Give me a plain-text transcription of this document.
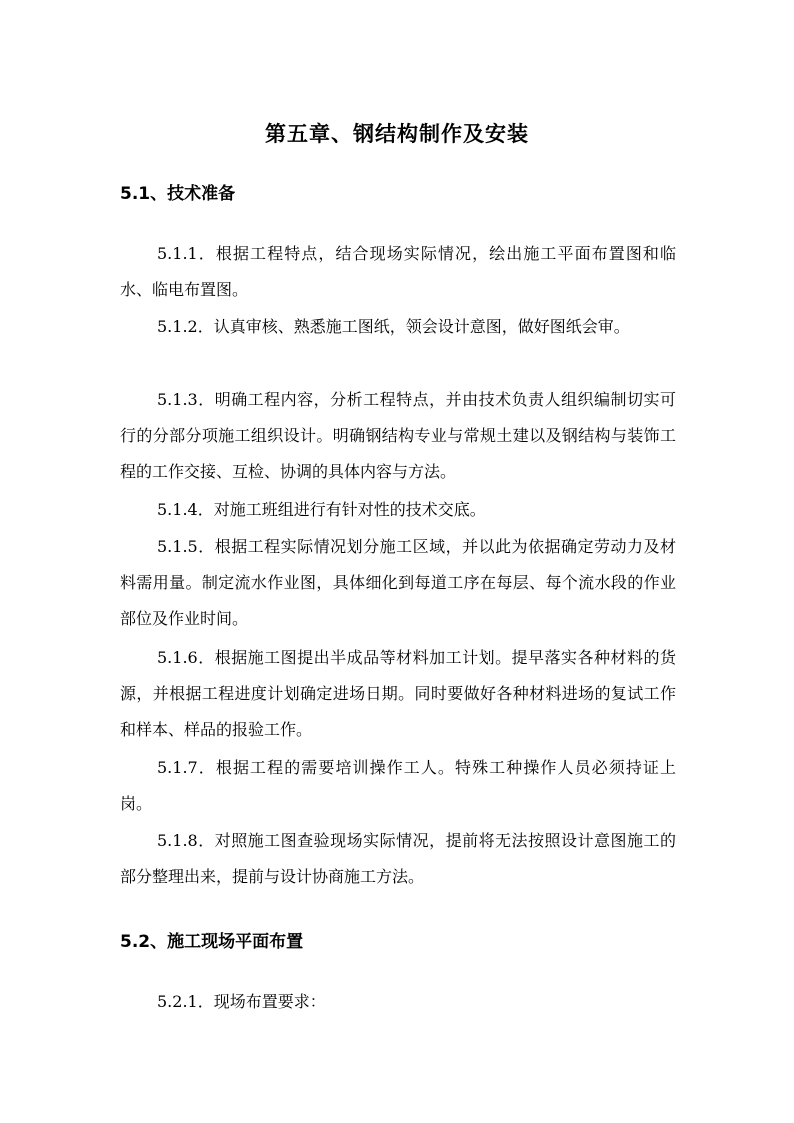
第五章、钢结构制作及安装
5.1、技术准备

5.1.1．根据工程特点，结合现场实际情况，绘出施工平面布置图和临水、临电布置图。

5.1.2．认真审核、熟悉施工图纸，领会设计意图，做好图纸会审。

5.1.3．明确工程内容，分析工程特点，并由技术负责人组织编制切实可行的分部分项施工组织设计。明确钢结构专业与常规土建以及钢结构与装饰工程的工作交接、互检、协调的具体内容与方法。

5.1.4．对施工班组进行有针对性的技术交底。

5.1.5．根据工程实际情况划分施工区域，并以此为依据确定劳动力及材料需用量。制定流水作业图，具体细化到每道工序在每层、每个流水段的作业部位及作业时间。

5.1.6．根据施工图提出半成品等材料加工计划。提早落实各种材料的货源，并根据工程进度计划确定进场日期。同时要做好各种材料进场的复试工作和样本、样品的报验工作。

5.1.7．根据工程的需要培训操作工人。特殊工种操作人员必须持证上岗。

5.1.8．对照施工图查验现场实际情况，提前将无法按照设计意图施工的部分整理出来，提前与设计协商施工方法。

5.2、施工现场平面布置

5.2.1．现场布置要求：
